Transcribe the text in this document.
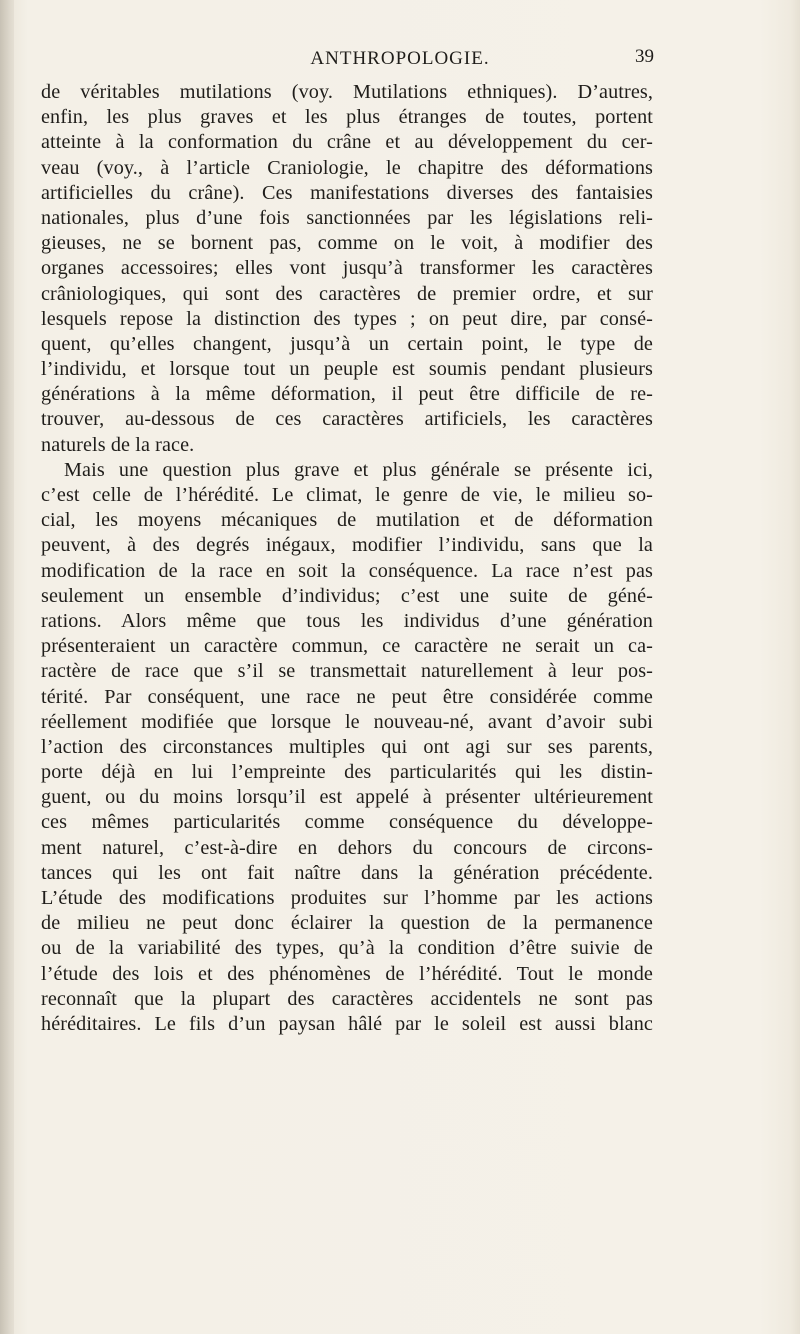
ANTHROPOLOGIE.	39
de véritables mutilations (voy. Mutilations ethniques). D’autres,
enfin, les plus graves et les plus étranges de toutes, portent
atteinte à la conformation du crâne et au développement du cer-
veau (voy., à l’article Craniologie, le chapitre des déformations
artificielles du crâne). Ces manifestations diverses des fantaisies
nationales, plus d’une fois sanctionnées par les législations reli-
gieuses, ne se bornent pas, comme on le voit, à modifier des
organes accessoires; elles vont jusqu’à transformer les caractères
crâniologiques, qui sont des caractères de premier ordre, et sur
lesquels repose la distinction des types ; on peut dire, par consé-
quent, qu’elles changent, jusqu’à un certain point, le type de
l’individu, et lorsque tout un peuple est soumis pendant plusieurs
générations à la même déformation, il peut être difficile de re-
trouver, au-dessous de ces caractères artificiels, les caractères
naturels de la race.
Mais une question plus grave et plus générale se présente ici,
c’est celle de l’hérédité. Le climat, le genre de vie, le milieu so-
cial, les moyens mécaniques de mutilation et de déformation
peuvent, à des degrés inégaux, modifier l’individu, sans que la
modification de la race en soit la conséquence. La race n’est pas
seulement un ensemble d’individus; c’est une suite de géné-
rations. Alors même que tous les individus d’une génération
présenteraient un caractère commun, ce caractère ne serait un ca-
ractère de race que s’il se transmettait naturellement à leur pos-
térité. Par conséquent, une race ne peut être considérée comme
réellement modifiée que lorsque le nouveau-né, avant d’avoir subi
l’action des circonstances multiples qui ont agi sur ses parents,
porte déjà en lui l’empreinte des particularités qui les distin-
guent, ou du moins lorsqu’il est appelé à présenter ultérieurement
ces mêmes particularités comme conséquence du développe-
ment naturel, c’est-à-dire en dehors du concours de circons-
tances qui les ont fait naître dans la génération précédente.
L’étude des modifications produites sur l’homme par les actions
de milieu ne peut donc éclairer la question de la permanence
ou de la variabilité des types, qu’à la condition d’être suivie de
l’étude des lois et des phénomènes de l’hérédité. Tout le monde
reconnaît que la plupart des caractères accidentels ne sont pas
héréditaires. Le fils d’un paysan hâlé par le soleil est aussi blanc
